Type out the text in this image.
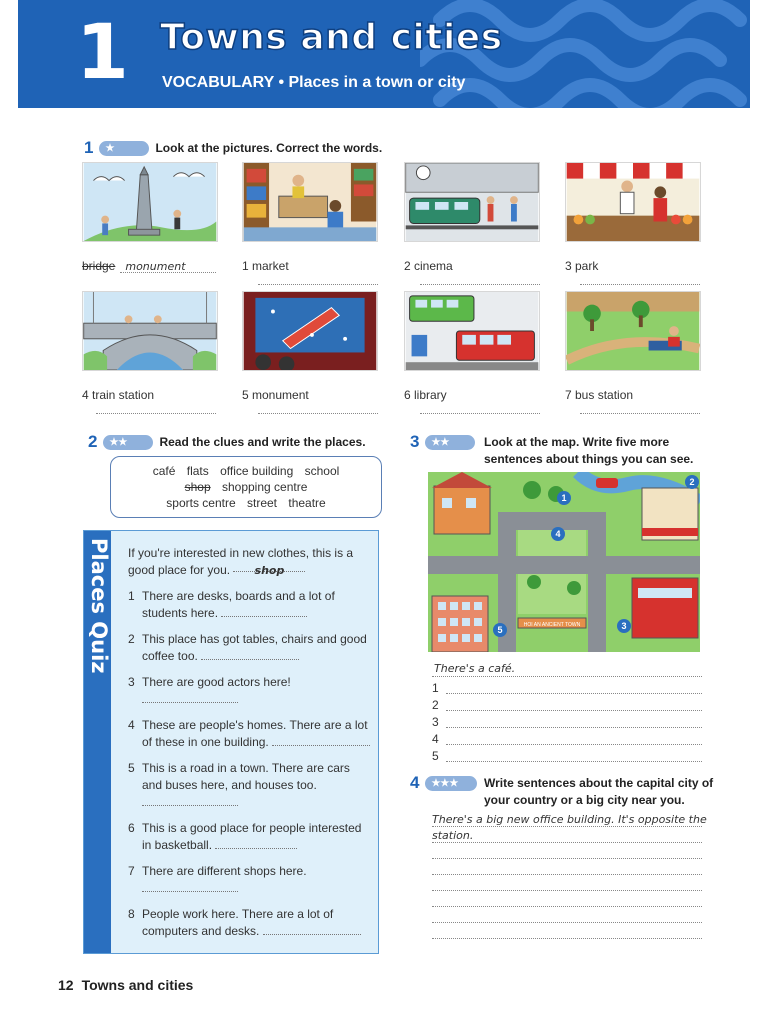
1 Towns and cities
VOCABULARY • Places in a town or city
1	★	Look at the pictures. Correct the words.
bridge monument	1 market	2 cinema	3 park
4 train station	5 monument	6 library	7 bus station
2	★★	Read the clues and write the places.
café flats office building school
shop shopping centre
sports centre street theatre
Places Quiz If you're interested in new clothes, this is a good place for you. shop
1 There are desks, boards and a lot of students here.
2 This place has got tables, chairs and good coffee too.
3 There are good actors here!

4 These are people's homes. There are a lot of these in one building.
5 This is a road in a town. There are cars and buses here, and houses too.

6 This is a good place for people interested in basketball.
7 There are different shops here.

8 People work here. There are a lot of computers and desks.
3	★★	Look at the map. Write five more sentences about things you can see.
HOI AN ANCIENT TOWN
1
2
3
4
5
There's a café.
1
2
3
4
5
4	★★★	Write sentences about the capital city of your country or a big city near you.
There's a big new office building. It's opposite the
station.
12 Towns and cities
